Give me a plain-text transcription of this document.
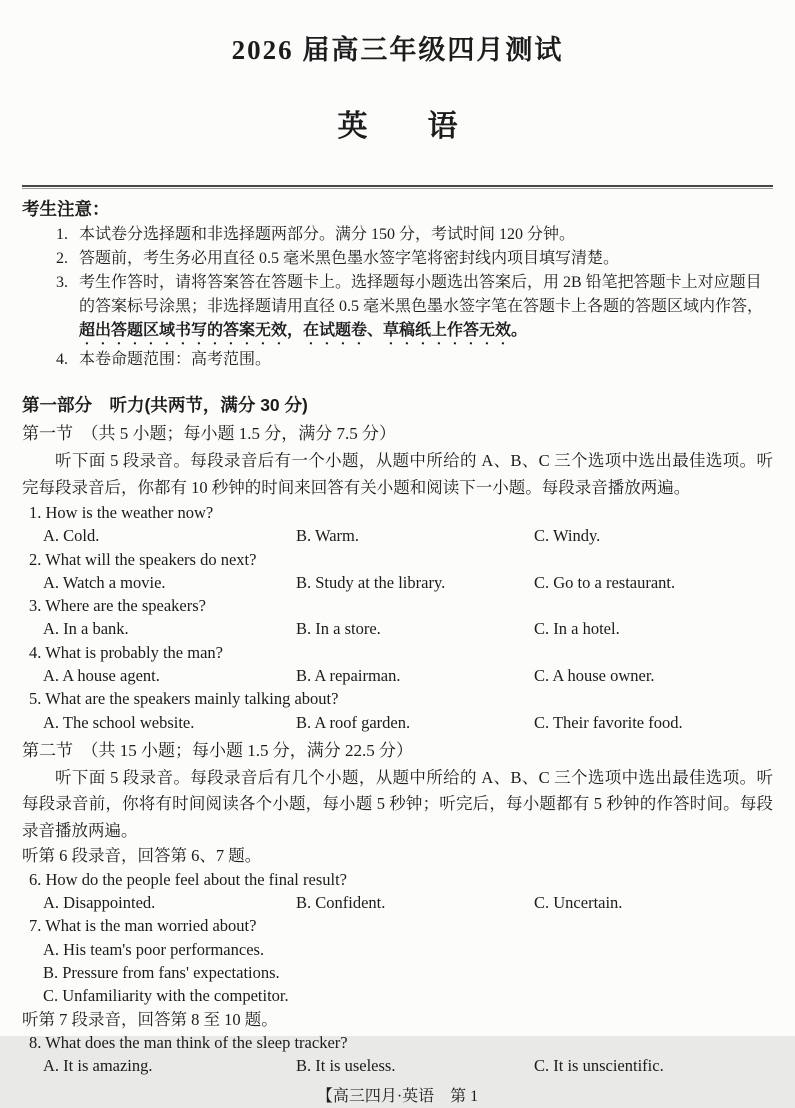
2026 届高三年级四月测试
英　　语
考生注意：
1. 本试卷分选择题和非选择题两部分。满分 150 分，考试时间 120 分钟。
2. 答题前，考生务必用直径 0.5 毫米黑色墨水签字笔将密封线内项目填写清楚。
3. 考生作答时，请将答案答在答题卡上。选择题每小题选出答案后，用 2B 铅笔把答题卡上对应题目的答案标号涂黑；非选择题请用直径 0.5 毫米黑色墨水签字笔在答题卡上各题的答题区域内作答，超出答题区域书写的答案无效，在试题卷、草稿纸上作答无效。
4. 本卷命题范围：高考范围。
第一部分　听力(共两节，满分 30 分)
第一节　（共 5 小题；每小题 1.5 分，满分 7.5 分）

听下面 5 段录音。每段录音后有一个小题，从题中所给的 A、B、C 三个选项中选出最佳选项。听完每段录音后，你都有 10 秒钟的时间来回答有关小题和阅读下一小题。每段录音播放两遍。

1. How is the weather now?
A. Cold.	B. Warm.	C. Windy.
2. What will the speakers do next?
A. Watch a movie.	B. Study at the library.	C. Go to a restaurant.
3. Where are the speakers?
A. In a bank.	B. In a store.	C. In a hotel.
4. What is probably the man?
A. A house agent.	B. A repairman.	C. A house owner.
5. What are the speakers mainly talking about?
A. The school website.	B. A roof garden.	C. Their favorite food.
第二节　（共 15 小题；每小题 1.5 分，满分 22.5 分）

听下面 5 段录音。每段录音后有几个小题，从题中所给的 A、B、C 三个选项中选出最佳选项。听每段录音前，你将有时间阅读各个小题，每小题 5 秒钟；听完后，每小题都有 5 秒钟的作答时间。每段录音播放两遍。

听第 6 段录音，回答第 6、7 题。
6. How do the people feel about the final result?
A. Disappointed.	B. Confident.	C. Uncertain.
7. What is the man worried about?
A. His team's poor performances.
B. Pressure from fans' expectations.
C. Unfamiliarity with the competitor.
听第 7 段录音，回答第 8 至 10 题。
8. What does the man think of the sleep tracker?
A. It is amazing.	B. It is useless.	C. It is unscientific.
【高三四月·英语　第 1
